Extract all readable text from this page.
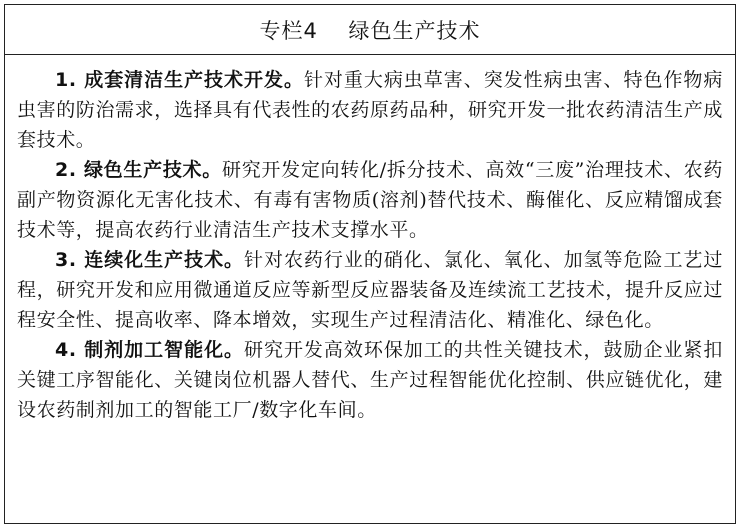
专栏4    绿色生产技术

1. 成套清洁生产技术开发。针对重大病虫草害、突发性病虫害、特色作物病虫害的防治需求，选择具有代表性的农药原药品种，研究开发一批农药清洁生产成套技术。

2. 绿色生产技术。研究开发定向转化/拆分技术、高效“三废”治理技术、农药副产物资源化无害化技术、有毒有害物质(溶剂)替代技术、酶催化、反应精馏成套技术等，提高农药行业清洁生产技术支撑水平。

3. 连续化生产技术。针对农药行业的硝化、氯化、氧化、加氢等危险工艺过程，研究开发和应用微通道反应等新型反应器装备及连续流工艺技术，提升反应过程安全性、提高收率、降本增效，实现生产过程清洁化、精准化、绿色化。

4. 制剂加工智能化。研究开发高效环保加工的共性关键技术，鼓励企业紧扣关键工序智能化、关键岗位机器人替代、生产过程智能优化控制、供应链优化，建设农药制剂加工的智能工厂/数字化车间。
